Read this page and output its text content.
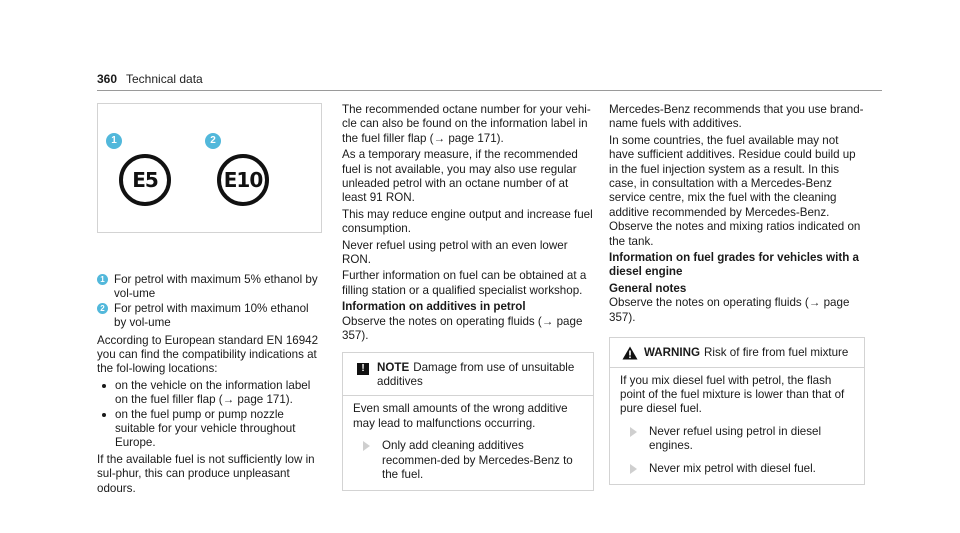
360 Technical data
1	2
E5	E10
1 For petrol with maximum 5% ethanol by vol-ume
2 For petrol with maximum 10% ethanol by vol-ume

According to European standard EN 16942 you can find the compatibility indications at the fol-lowing locations:

on the vehicle on the information label on the fuel filler flap (→ page 171).
on the fuel pump or pump nozzle suitable for your vehicle throughout Europe.

If the available fuel is not sufficiently low in sul-phur, this can produce unpleasant odours.

The recommended octane number for your vehi-cle can also be found on the information label in the fuel filler flap (→ page 171).

As a temporary measure, if the recommended fuel is not available, you may also use regular unleaded petrol with an octane number of at least 91 RON.

This may reduce engine output and increase fuel consumption.

Never refuel using petrol with an even lower RON.

Further information on fuel can be obtained at a filling station or a qualified specialist workshop.

Information on additives in petrol

Observe the notes on operating fluids (→ page 357).

!	NOTE Damage from use of unsuitable additives
Even small amounts of the wrong additive may lead to malfunctions occurring.
Only add cleaning additives recommen-ded by Mercedes-Benz to the fuel.

Mercedes-Benz recommends that you use brand-name fuels with additives.

In some countries, the fuel available may not have sufficient additives. Residue could build up in the fuel injection system as a result. In this case, in consultation with a Mercedes-Benz service centre, mix the fuel with the cleaning additive recommended by Mercedes-Benz. Observe the notes and mixing ratios indicated on the tank.

Information on fuel grades for vehicles with a diesel engine
General notes

Observe the notes on operating fluids (→ page 357).

WARNING Risk of fire from fuel mixture
If you mix diesel fuel with petrol, the flash point of the fuel mixture is lower than that of pure diesel fuel.
Never refuel using petrol in diesel engines.
Never mix petrol with diesel fuel.
